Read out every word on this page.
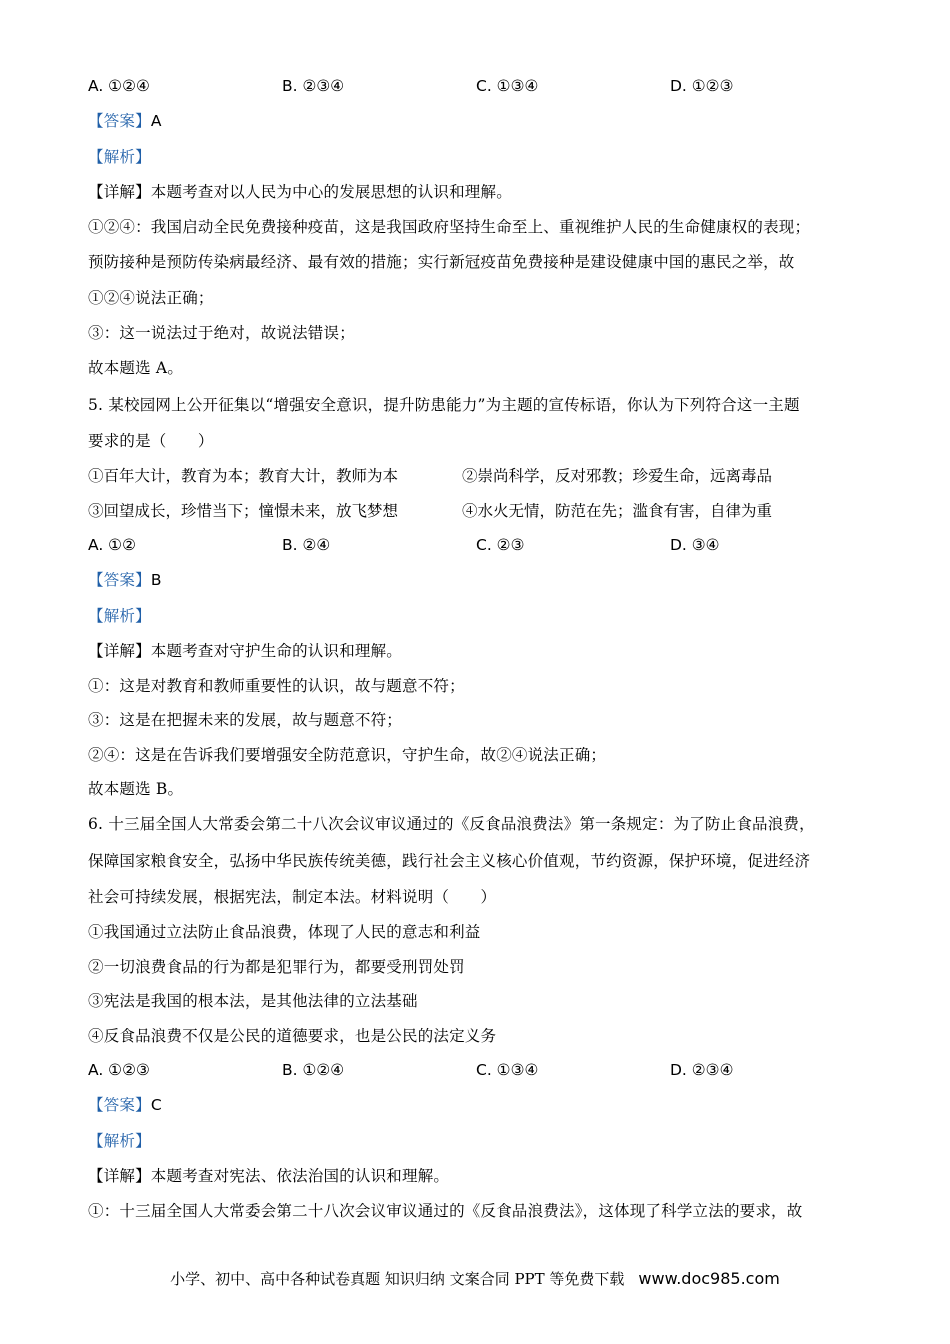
A. ①②④	B. ②③④	C. ①③④	D. ①②③
【答案】A
【解析】
【详解】本题考查对以人民为中心的发展思想的认识和理解。
①②④：我国启动全民免费接种疫苗，这是我国政府坚持生命至上、重视维护人民的生命健康权的表现；
预防接种是预防传染病最经济、最有效的措施；实行新冠疫苗免费接种是建设健康中国的惠民之举，故
①②④说法正确；
③：这一说法过于绝对，故说法错误；
故本题选 A。
5. 某校园网上公开征集以“增强安全意识，提升防患能力”为主题的宣传标语，你认为下列符合这一主题
要求的是（　　）
①百年大计，教育为本；教育大计，教师为本	②崇尚科学，反对邪教；珍爱生命，远离毒品
③回望成长，珍惜当下；憧憬未来，放飞梦想	④水火无情，防范在先；滥食有害，自律为重
A. ①②	B. ②④	C. ②③	D. ③④
【答案】B
【解析】
【详解】本题考查对守护生命的认识和理解。
①：这是对教育和教师重要性的认识，故与题意不符；
③：这是在把握未来的发展，故与题意不符；
②④：这是在告诉我们要增强安全防范意识，守护生命，故②④说法正确；
故本题选 B。
6. 十三届全国人大常委会第二十八次会议审议通过的《反食品浪费法》第一条规定：为了防止食品浪费，
保障国家粮食安全，弘扬中华民族传统美德，践行社会主义核心价值观，节约资源，保护环境，促进经济
社会可持续发展，根据宪法，制定本法。材料说明（　　）
①我国通过立法防止食品浪费，体现了人民的意志和利益
②一切浪费食品的行为都是犯罪行为，都要受刑罚处罚
③宪法是我国的根本法，是其他法律的立法基础
④反食品浪费不仅是公民的道德要求，也是公民的法定义务
A. ①②③	B. ①②④	C. ①③④	D. ②③④
【答案】C
【解析】
【详解】本题考查对宪法、依法治国的认识和理解。
①：十三届全国人大常委会第二十八次会议审议通过的《反食品浪费法》，这体现了科学立法的要求，故
小学、初中、高中各种试卷真题 知识归纳 文案合同 PPT 等免费下载 www.doc985.com
